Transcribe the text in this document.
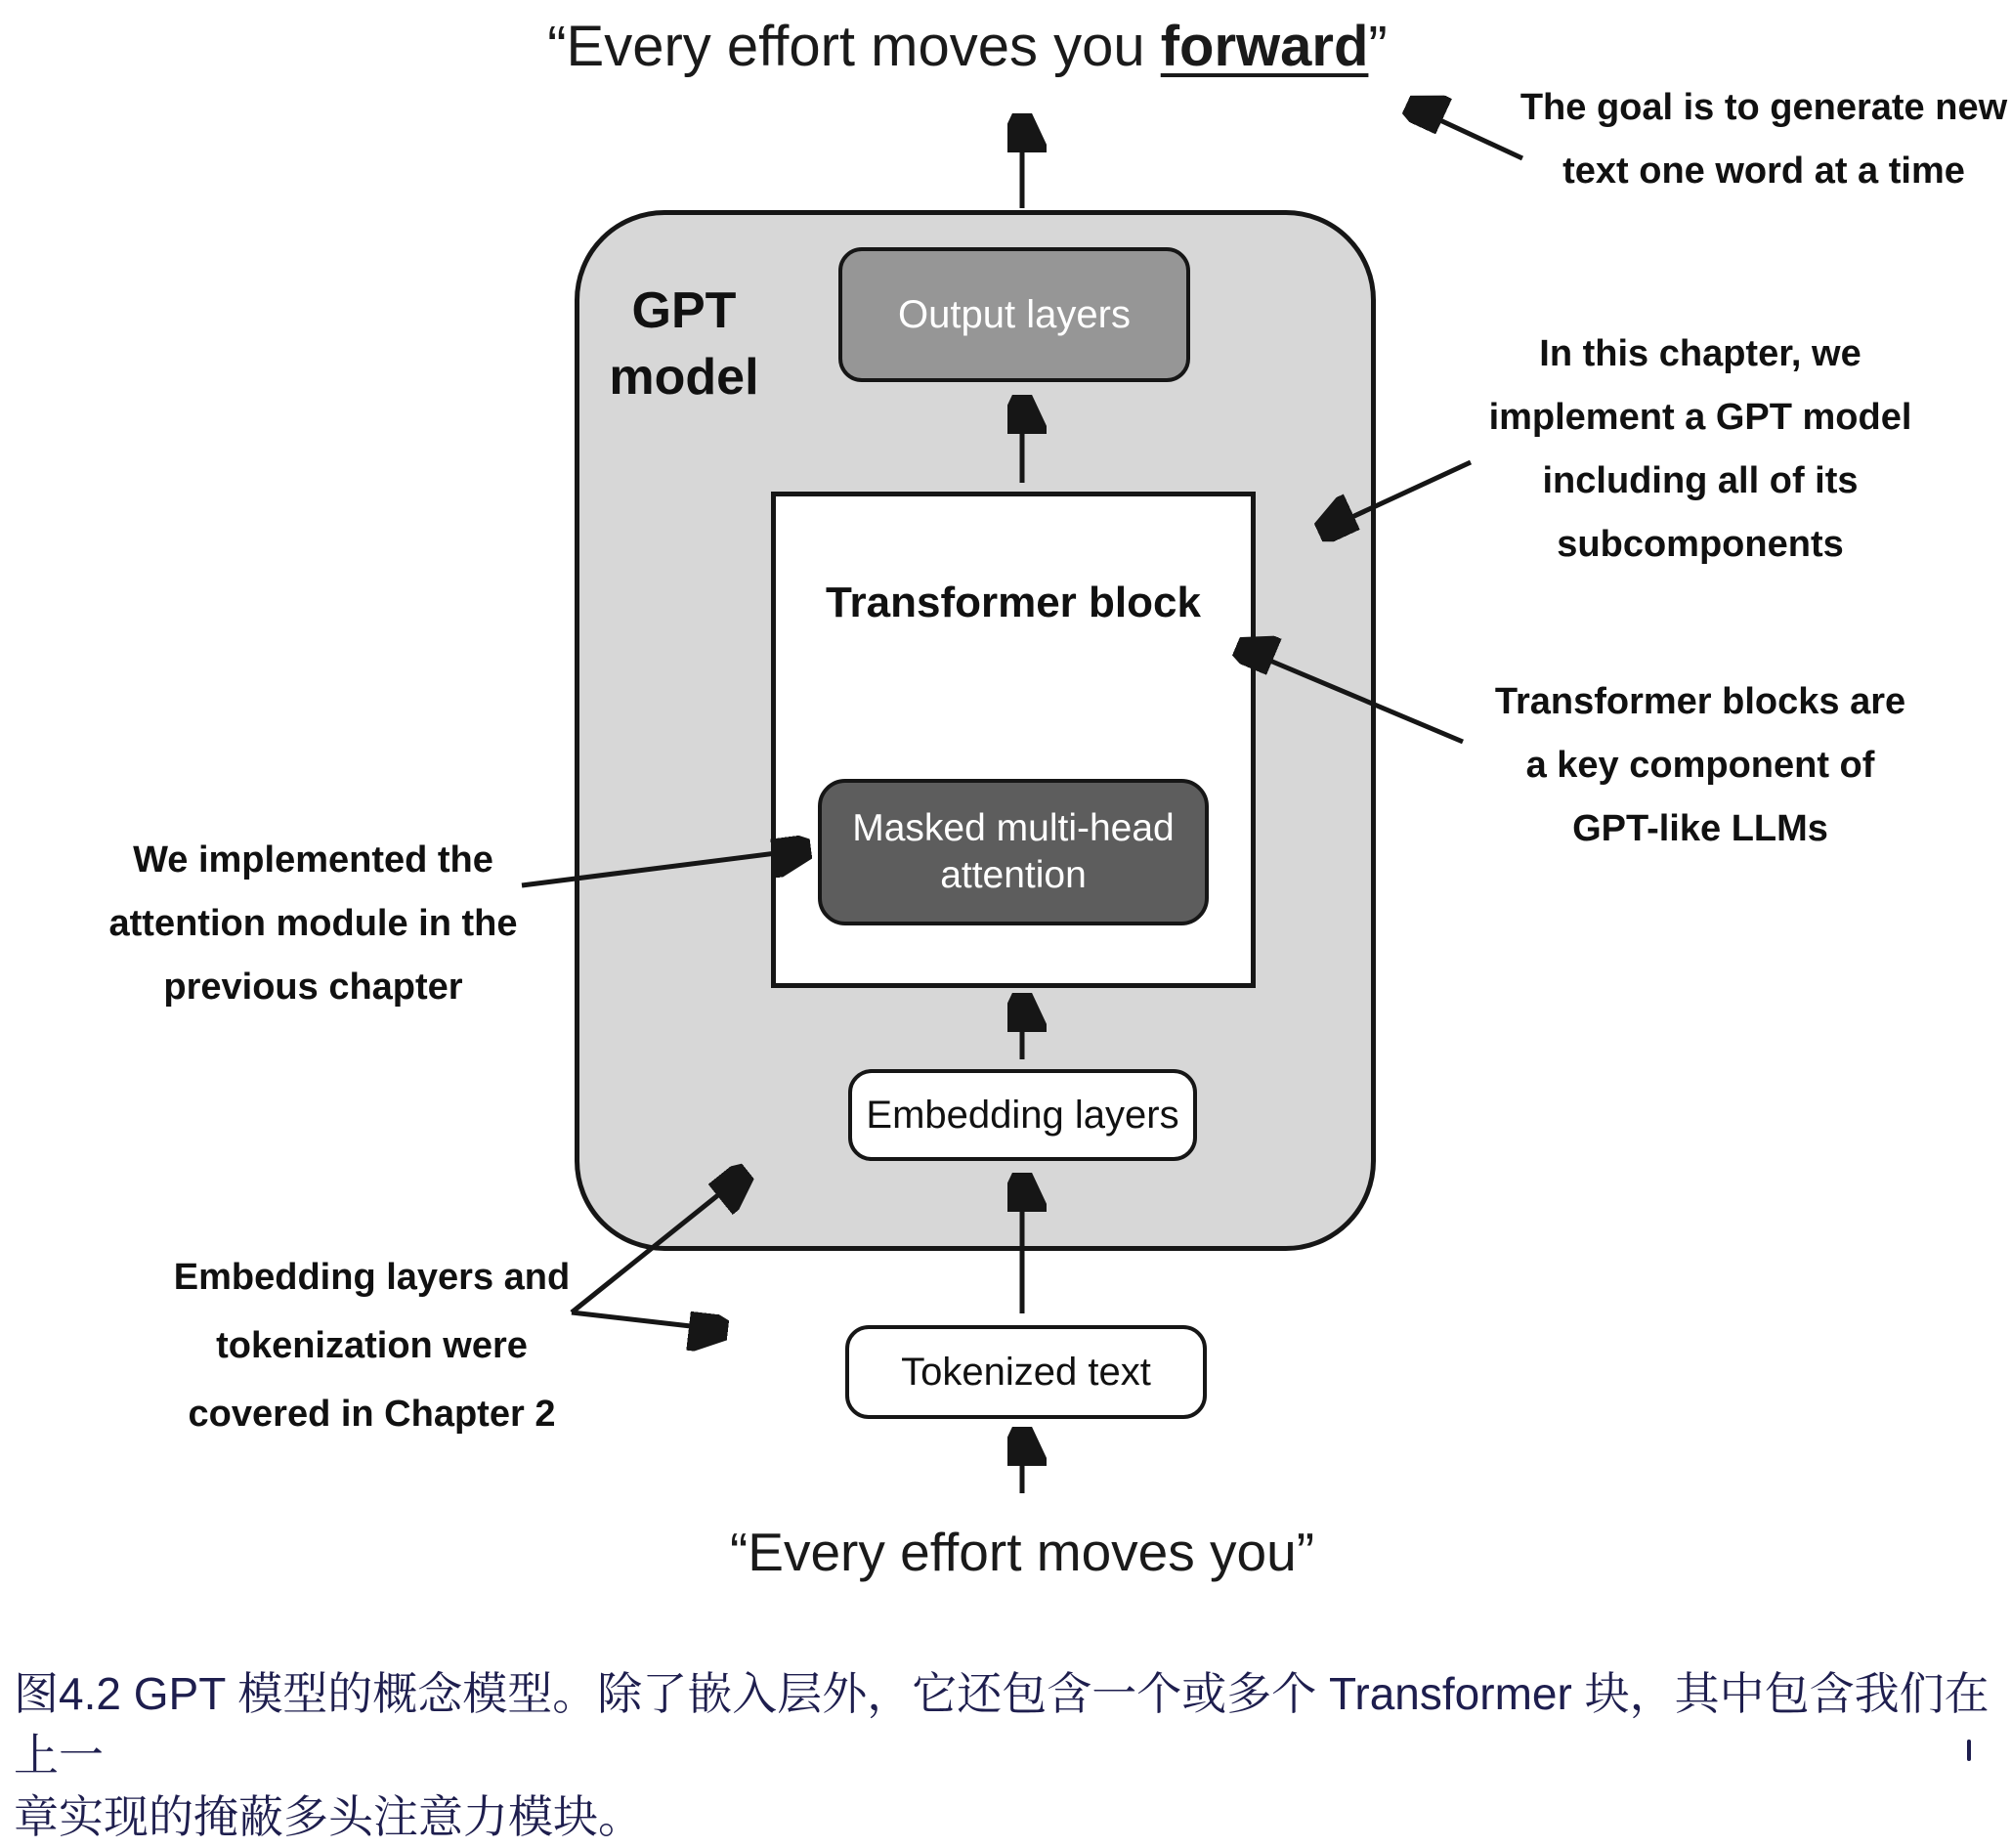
“Every effort moves you forward”
The goal is to generate new
text one word at a time
GPT
model
Output layers
Transformer block
Masked multi-head
attention
Embedding layers
Tokenized text
We implemented the
attention module in the
previous chapter
Embedding layers and
tokenization were
covered in Chapter 2
In this chapter, we
implement a GPT model
including all of its
subcomponents
Transformer blocks are
a key component of
GPT-like LLMs
“Every effort moves you”
图4.2 GPT 模型的概念模型。除了嵌入层外，它还包含一个或多个 Transformer 块，其中包含我们在上一
章实现的掩蔽多头注意力模块。
